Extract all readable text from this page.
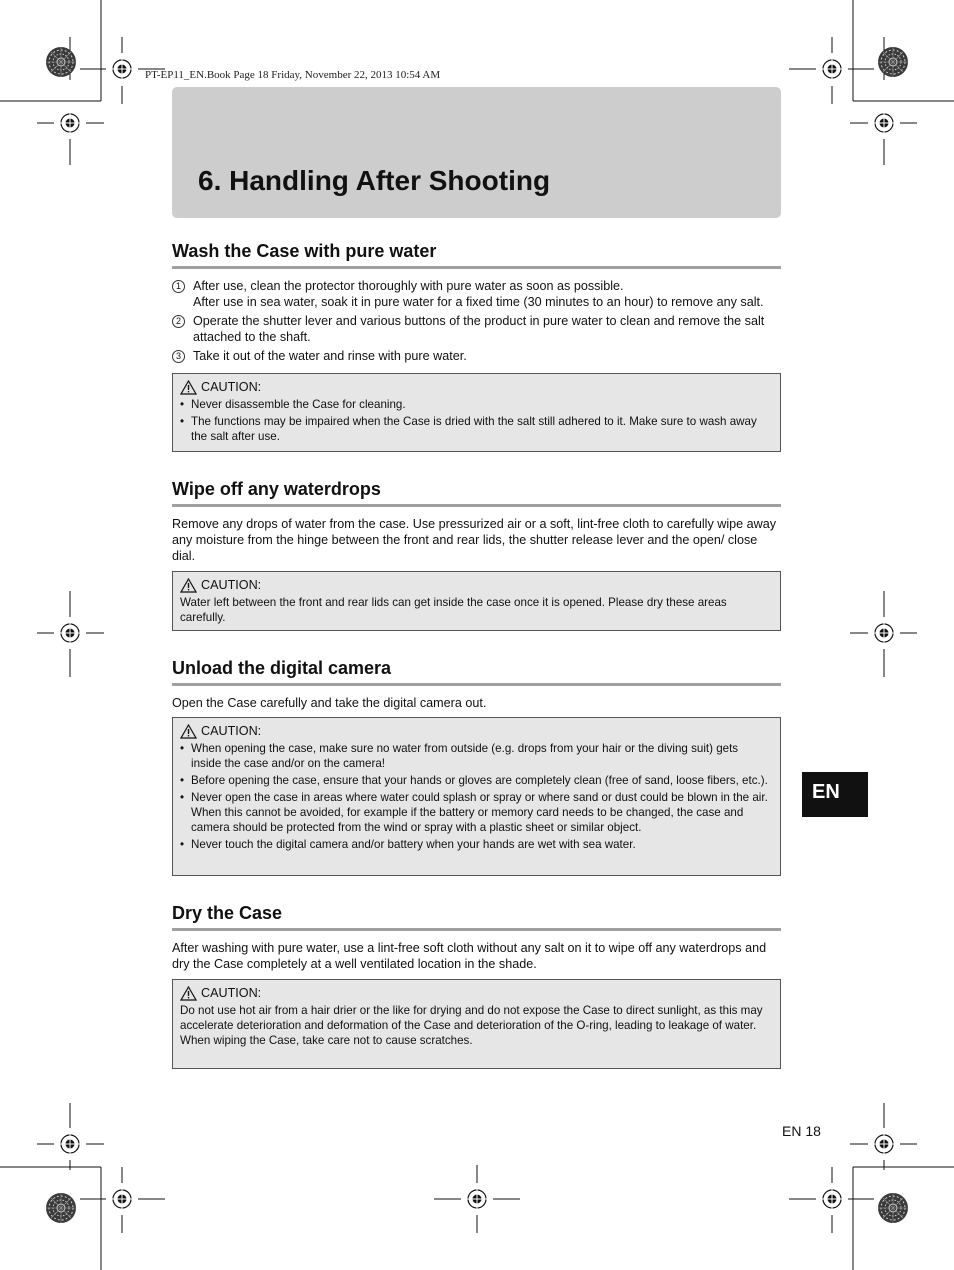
PT-EP11_EN.Book Page 18 Friday, November 22, 2013 10:54 AM
6. Handling After Shooting
Wash the Case with pure water
1 After use, clean the protector thoroughly with pure water as soon as possible.
After use in sea water, soak it in pure water for a fixed time (30 minutes to an hour) to remove any salt.
2 Operate the shutter lever and various buttons of the product in pure water to clean and remove the salt attached to the shaft.
3 Take it out of the water and rinse with pure water.
CAUTION:
• Never disassemble the Case for cleaning.
• The functions may be impaired when the Case is dried with the salt still adhered to it. Make sure to wash away the salt after use.
Wipe off any waterdrops

Remove any drops of water from the case. Use pressurized air or a soft, lint-free cloth to carefully wipe away any moisture from the hinge between the front and rear lids, the shutter release lever and the open/ close dial.

CAUTION:

Water left between the front and rear lids can get inside the case once it is opened. Please dry these areas carefully.

Unload the digital camera

Open the Case carefully and take the digital camera out.

CAUTION:
• When opening the case, make sure no water from outside (e.g. drops from your hair or the diving suit) gets inside the case and/or on the camera!
• Before opening the case, ensure that your hands or gloves are completely clean (free of sand, loose fibers, etc.).
• Never open the case in areas where water could splash or spray or where sand or dust could be blown in the air. When this cannot be avoided, for example if the battery or memory card needs to be changed, the case and camera should be protected from the wind or spray with a plastic sheet or similar object.
• Never touch the digital camera and/or battery when your hands are wet with sea water.
Dry the Case

After washing with pure water, use a lint-free soft cloth without any salt on it to wipe off any waterdrops and dry the Case completely at a well ventilated location in the shade.

CAUTION:

Do not use hot air from a hair drier or the like for drying and do not expose the Case to direct sunlight, as this may accelerate deterioration and deformation of the Case and deterioration of the O-ring, leading to leakage of water.

When wiping the Case, take care not to cause scratches.

EN
EN 18
